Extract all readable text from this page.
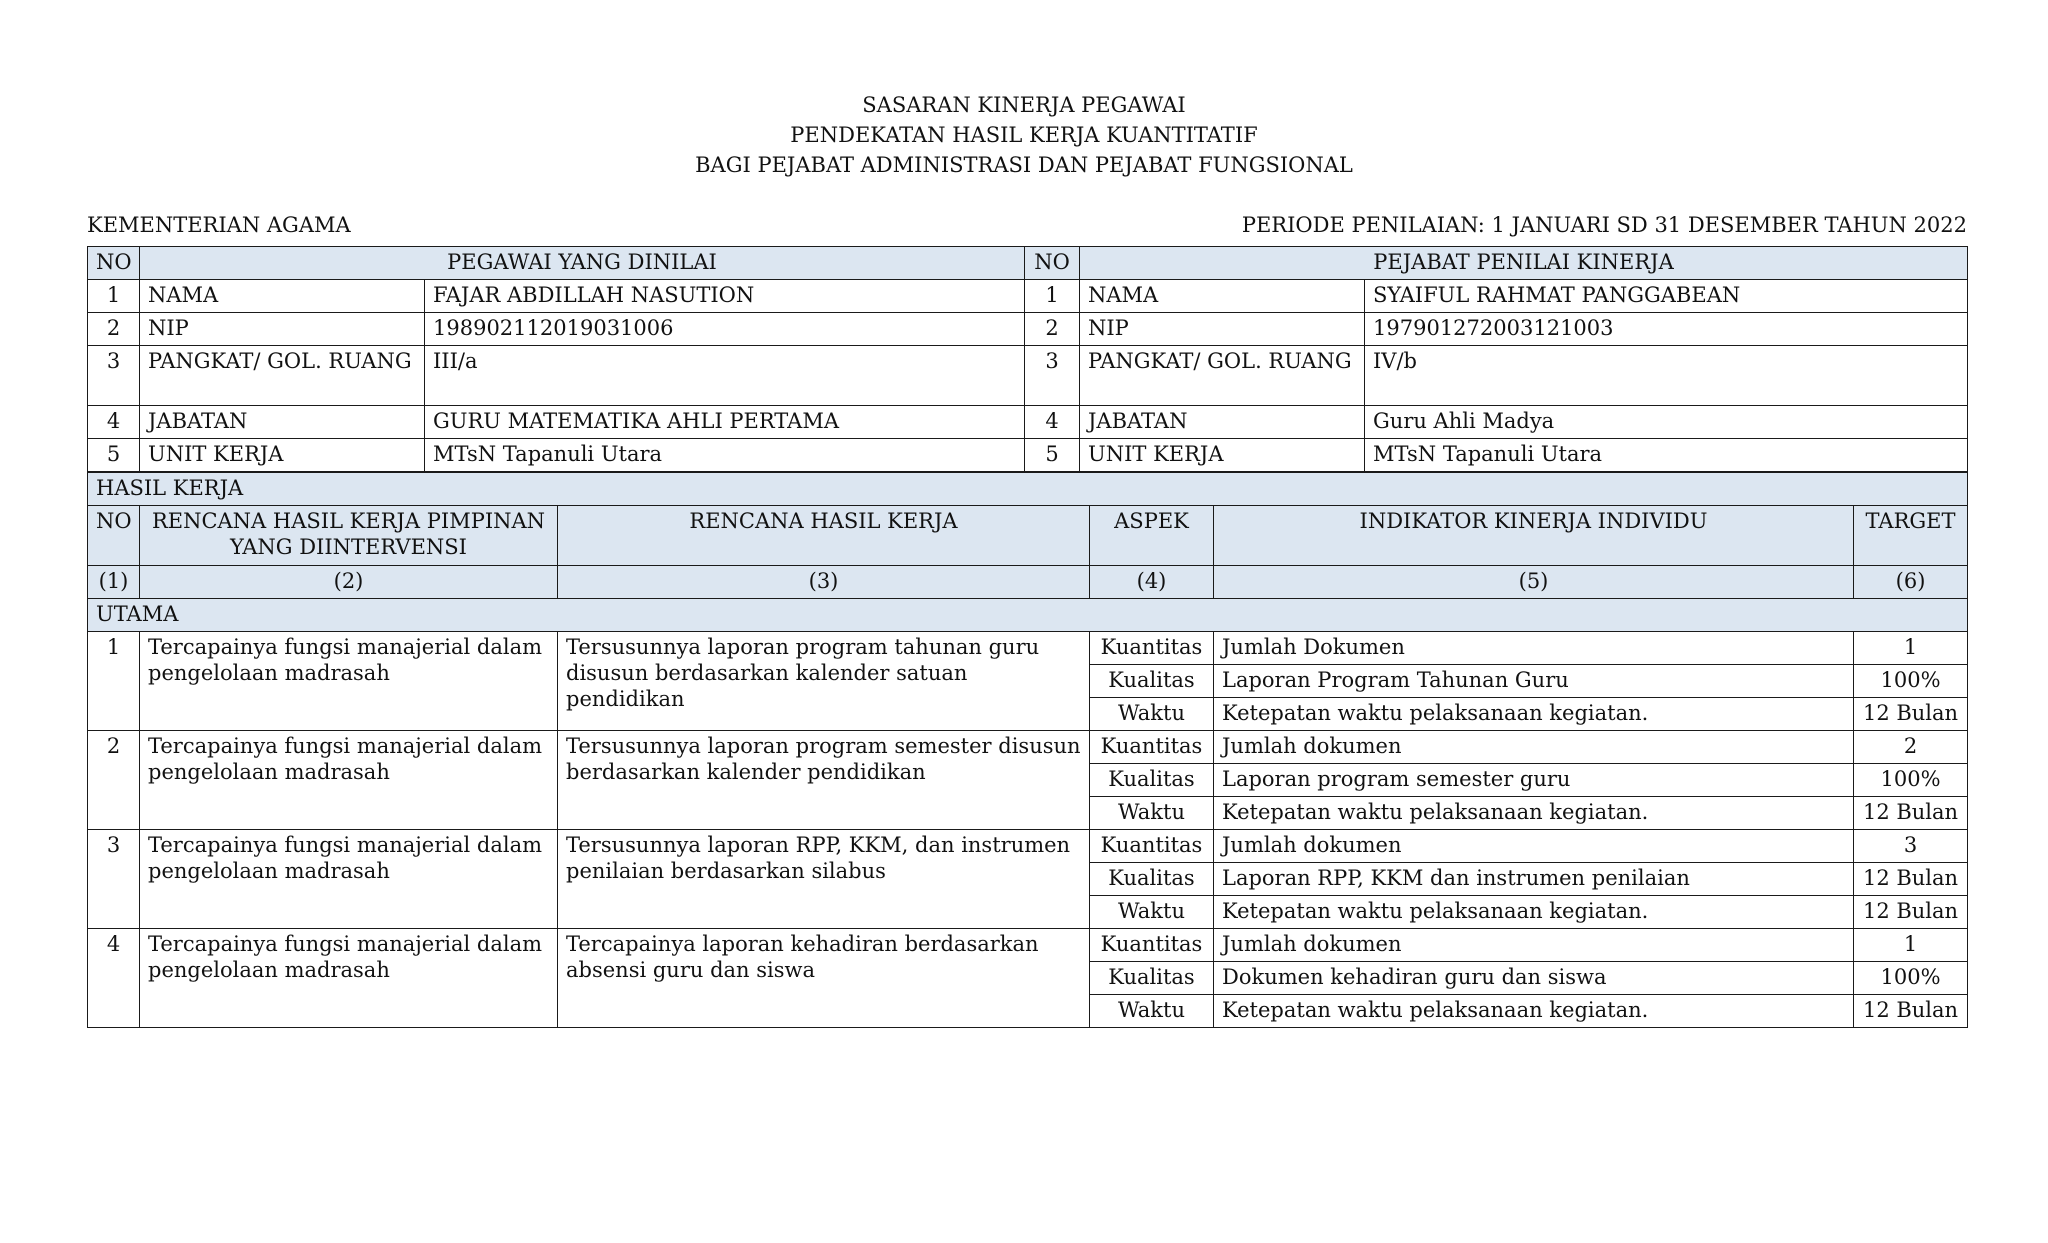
SASARAN KINERJA PEGAWAI
PENDEKATAN HASIL KERJA KUANTITATIF
BAGI PEJABAT ADMINISTRASI DAN PEJABAT FUNGSIONAL
KEMENTERIAN AGAMA	PERIODE PENILAIAN: 1 JANUARI SD 31 DESEMBER TAHUN 2022
NO	PEGAWAI YANG DINILAI		NO	PEJABAT PENILAI KINERJA	
1	NAMA	FAJAR ABDILLAH NASUTION	1	NAMA	SYAIFUL RAHMAT PANGGABEAN
2	NIP	198902112019031006	2	NIP	197901272003121003
3	PANGKAT/ GOL. RUANG	III/a	3	PANGKAT/ GOL. RUANG	IV/b
4	JABATAN	GURU MATEMATIKA AHLI PERTAMA	4	JABATAN	Guru Ahli Madya
5	UNIT KERJA	MTsN Tapanuli Utara	5	UNIT KERJA	MTsN Tapanuli Utara
HASIL KERJA					
NO	RENCANA HASIL KERJA PIMPINAN YANG DIINTERVENSI	RENCANA HASIL KERJA	ASPEK	INDIKATOR KINERJA INDIVIDU	TARGET
(1)	(2)	(3)	(4)	(5)	(6)
UTAMA					
1	Tercapainya fungsi manajerial dalam pengelolaan madrasah	Tersusunnya laporan program tahunan guru disusun berdasarkan kalender satuan pendidikan	Kuantitas	Jumlah Dokumen	1
			Kualitas	Laporan Program Tahunan Guru	100%
			Waktu	Ketepatan waktu pelaksanaan kegiatan.	12 Bulan
2	Tercapainya fungsi manajerial dalam pengelolaan madrasah	Tersusunnya laporan program semester disusun berdasarkan kalender pendidikan	Kuantitas	Jumlah dokumen	2
			Kualitas	Laporan program semester guru	100%
			Waktu	Ketepatan waktu pelaksanaan kegiatan.	12 Bulan
3	Tercapainya fungsi manajerial dalam pengelolaan madrasah	Tersusunnya laporan RPP, KKM, dan instrumen penilaian berdasarkan silabus	Kuantitas	Jumlah dokumen	3
			Kualitas	Laporan RPP, KKM dan instrumen penilaian	12 Bulan
			Waktu	Ketepatan waktu pelaksanaan kegiatan.	12 Bulan
4	Tercapainya fungsi manajerial dalam pengelolaan madrasah	Tercapainya laporan kehadiran berdasarkan absensi guru dan siswa	Kuantitas	Jumlah dokumen	1
			Kualitas	Dokumen kehadiran guru dan siswa	100%
			Waktu	Ketepatan waktu pelaksanaan kegiatan.	12 Bulan
